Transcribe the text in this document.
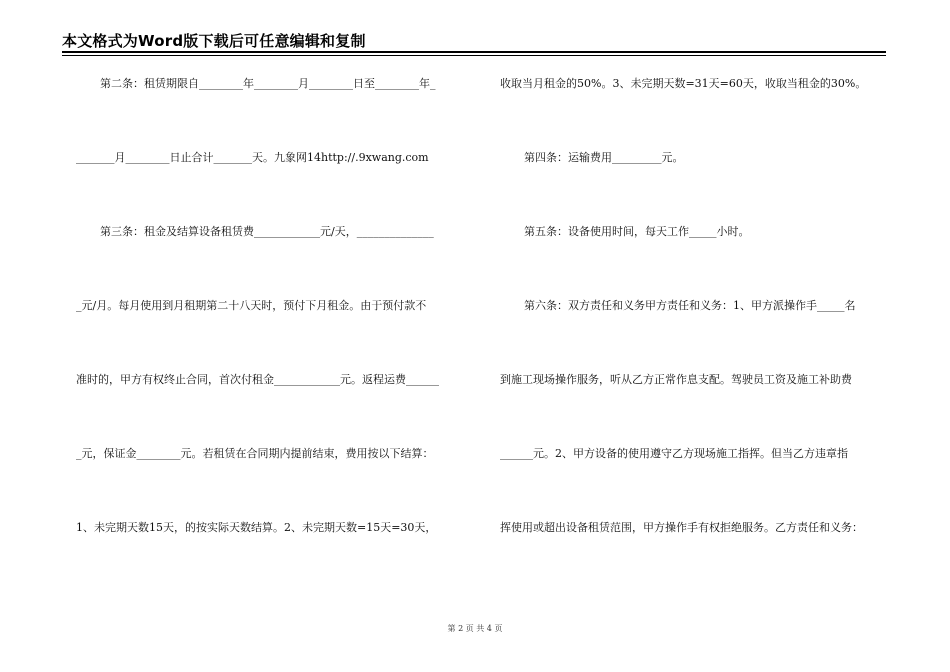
本文格式为Word版下载后可任意编辑和复制
第二条：租赁期限自________年________月________日至________年_
_______月________日止合计_______天。九象网14http://.9xwang.com
第三条：租金及结算设备租赁费____________元/天，______________
_元/月。每月使用到月租期第二十八天时，预付下月租金。由于预付款不
准时的，甲方有权终止合同，首次付租金____________元。返程运费______
_元，保证金________元。若租赁在合同期内提前结束，费用按以下结算：
1、未完期天数15天，的按实际天数结算。2、未完期天数=15天=30天，
收取当月租金的50%。3、未完期天数=31天=60天，收取当租金的30%。
第四条：运输费用_________元。
第五条：设备使用时间，每天工作_____小时。
第六条：双方责任和义务甲方责任和义务：1、甲方派操作手_____名
到施工现场操作服务，听从乙方正常作息支配。驾驶员工资及施工补助费
______元。2、甲方设备的使用遵守乙方现场施工指挥。但当乙方违章指
挥使用或超出设备租赁范围，甲方操作手有权拒绝服务。乙方责任和义务：
第 2 页 共 4 页
